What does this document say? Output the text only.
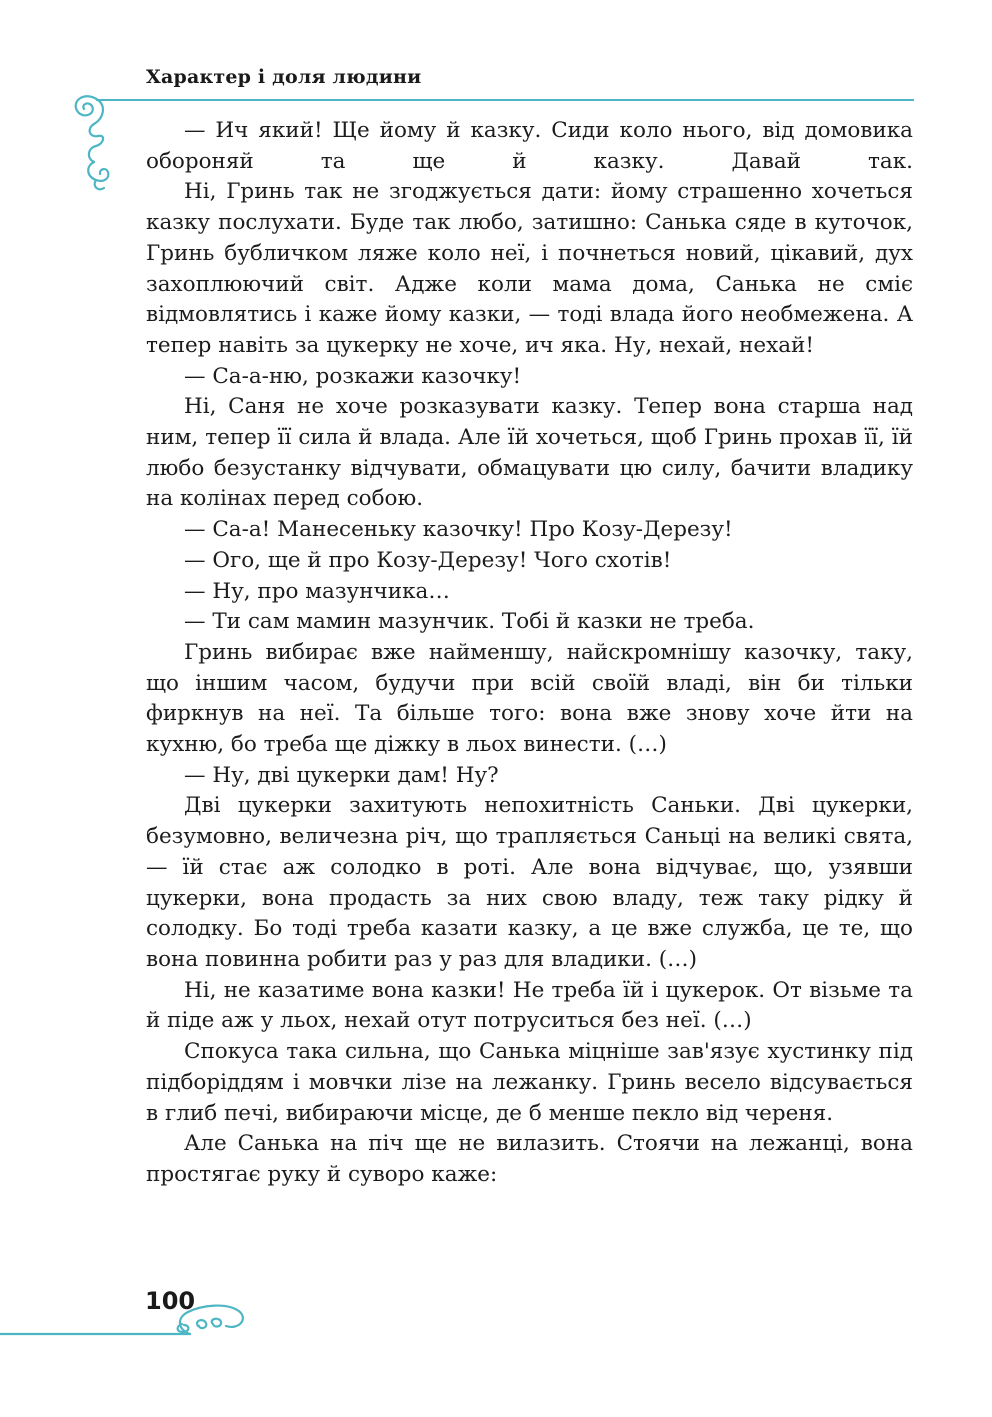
Характер і доля людини

— Ич який! Ще йому й казку. Сиди коло нього, від домовика обороняй та ще й казку. Давай так.

Ні, Гринь так не згоджується дати: йому страшенно хочеться казку послухати. Буде так любо, затишно: Санька сяде в куточок, Гринь бубличком ляже коло неї, і почнеться новий, цікавий, дух захоплюючий світ. Адже коли мама дома, Санька не сміє відмовлятись і каже йому казки, — тоді влада його необмежена. А тепер навіть за цукерку не хоче, ич яка. Ну, нехай, нехай!

— Са-а-ню, розкажи казочку!

Ні, Саня не хоче розказувати казку. Тепер вона старша над ним, тепер її сила й влада. Але їй хочеться, щоб Гринь прохав її, їй любо безустанку відчувати, обмацувати цю силу, бачити владику на колінах перед собою.

— Са-а! Манесеньку казочку! Про Козу-Дерезу!

— Ого, ще й про Козу-Дерезу! Чого схотів!

— Ну, про мазунчика…

— Ти сам мамин мазунчик. Тобі й казки не треба.

Гринь вибирає вже найменшу, найскромнішу казочку, таку, що іншим часом, будучи при всій своїй владі, він би тільки фиркнув на неї. Та більше того: вона вже знову хоче йти на кухню, бо треба ще діжку в льох винести. (…)

— Ну, дві цукерки дам! Ну?

Дві цукерки захитують непохитність Саньки. Дві цукерки, безумовно, величезна річ, що трапляється Саньці на великі свята, — їй стає аж солодко в роті. Але вона відчуває, що, узявши цукерки, вона продасть за них свою владу, теж таку рідку й солодку. Бо тоді треба казати казку, а це вже служба, це те, що вона повинна робити раз у раз для владики. (…)

Ні, не казатиме вона казки! Не треба їй і цукерок. От візьме та й піде аж у льох, нехай отут потруситься без неї. (…)

Спокуса така сильна, що Санька міцніше зав'язує хустинку під підборіддям і мовчки лізе на лежанку. Гринь весело відсувається в глиб печі, вибираючи місце, де б менше пекло від череня.

Але Санька на піч ще не вилазить. Стоячи на лежанці, вона простягає руку й суворо каже:

100
